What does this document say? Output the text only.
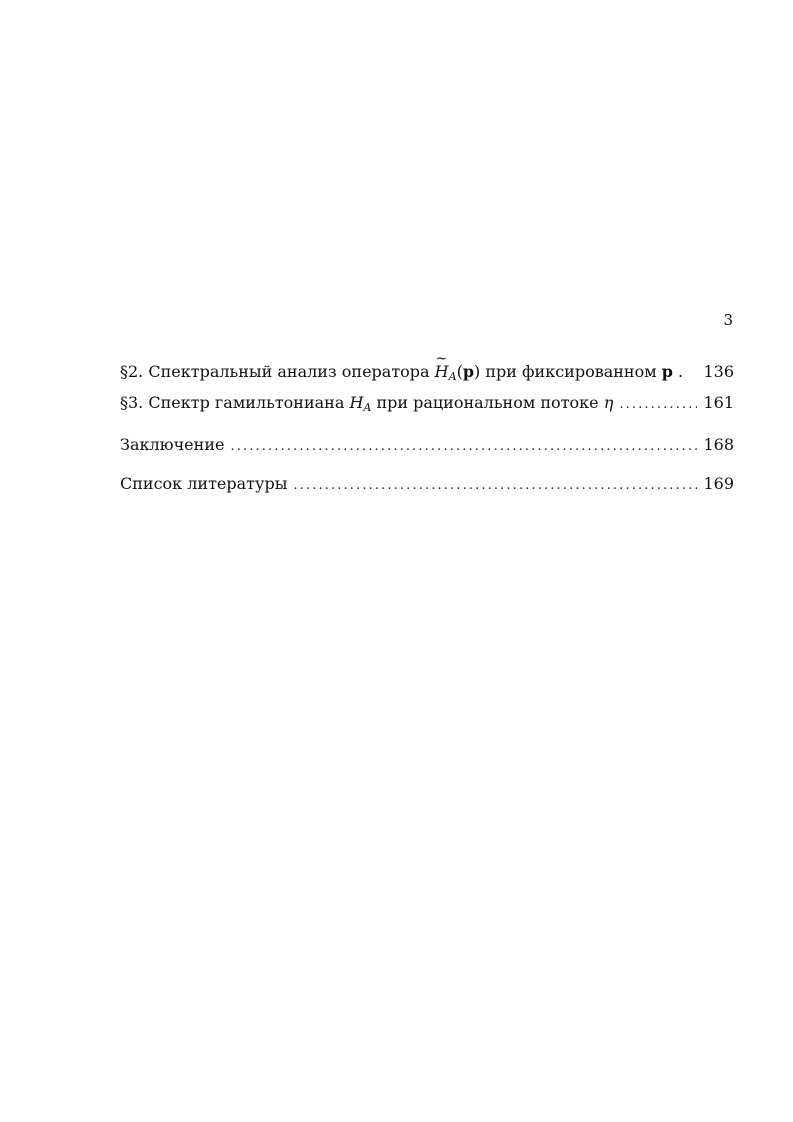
3
§2. Спектральный анализ оператора ~ $H_A(p)$ при фиксированном p . 136
§3. Спектр гамильтониана $H_A$ при рациональном потоке η . . .	161
Заключение . . .	168
Список литературы . . .	169
